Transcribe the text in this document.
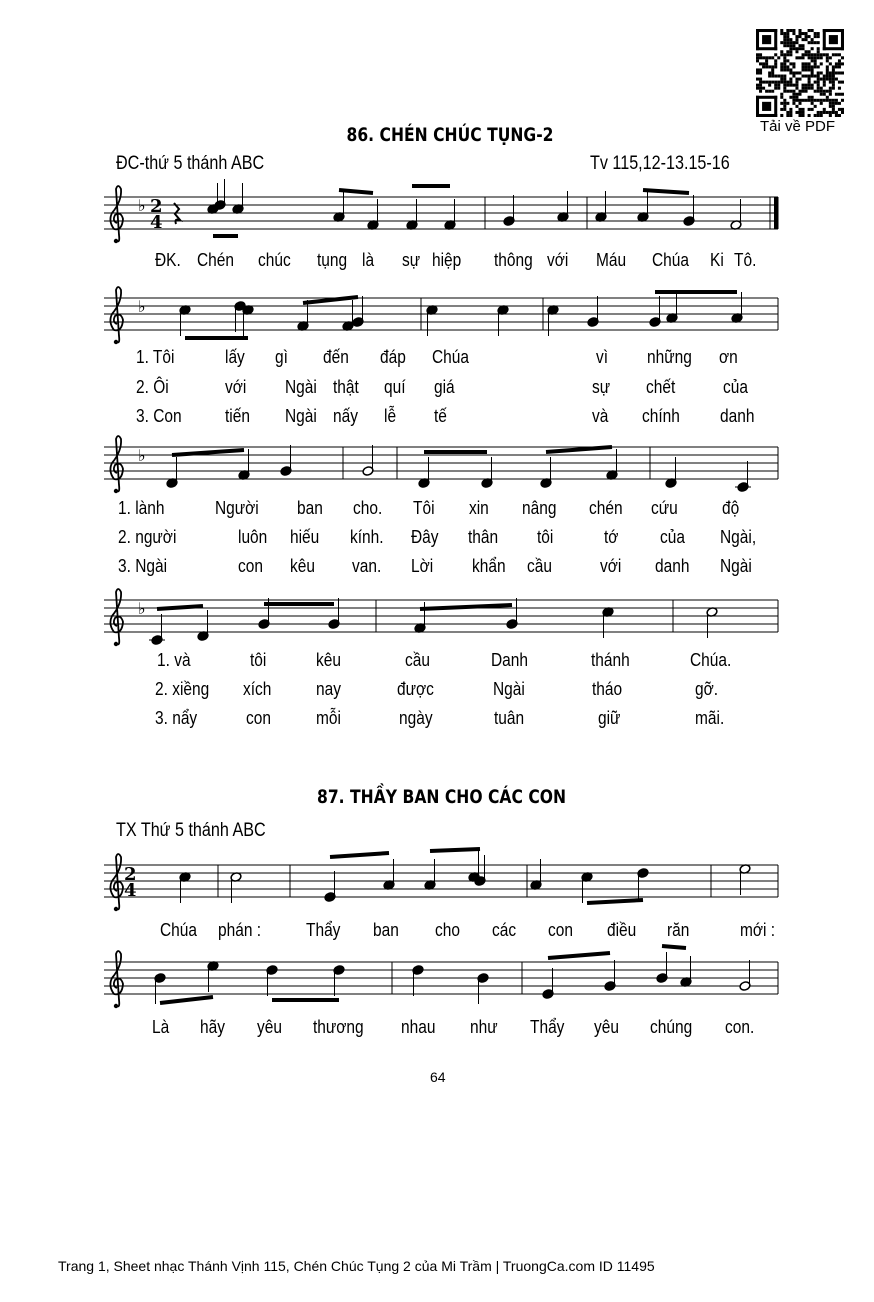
♭ 2
4
♭
♭
♭
2
4
Tải về PDF
86. CHÉN CHÚC TỤNG-2
ĐC-thứ 5 thánh ABC	Tv 115,12-13.15-16
ĐK. Chén chúc tụng là sự hiệp thông với Máu Chúa Ki Tô.
1. Tôi	lấy gì đến đáp Chúa	vì những ơn
2. Ôi	với Ngài thật quí giá	sự chết	của
3. Con tiến Ngài nấy lễ tế	và chính danh
1. lành	Người ban cho. Tôi xin nâng chén cứu độ
2. người	luôn hiếu kính. Đây thân tôi	tớ của Ngài,
3. Ngài	con kêu van. Lời khẩn cầu	với danh Ngài
1. và	tôi	kêu	cầu	Danh	thánh	Chúa.
2. xiềng xích nay	được	Ngài	tháo	gỡ.
3. nẩy	con	mỗi	ngày	tuân	giữ	mãi.
Chúa phán : Thẩy ban cho các con điều răn	mới :
Là hãy yêu thương nhau như Thẩy yêu chúng con.
87. THẦY BAN CHO CÁC CON
TX Thứ 5 thánh ABC
64
Trang 1, Sheet nhạc Thánh Vịnh 115, Chén Chúc Tụng 2 của Mi Trầm | TruongCa.com ID 11495
